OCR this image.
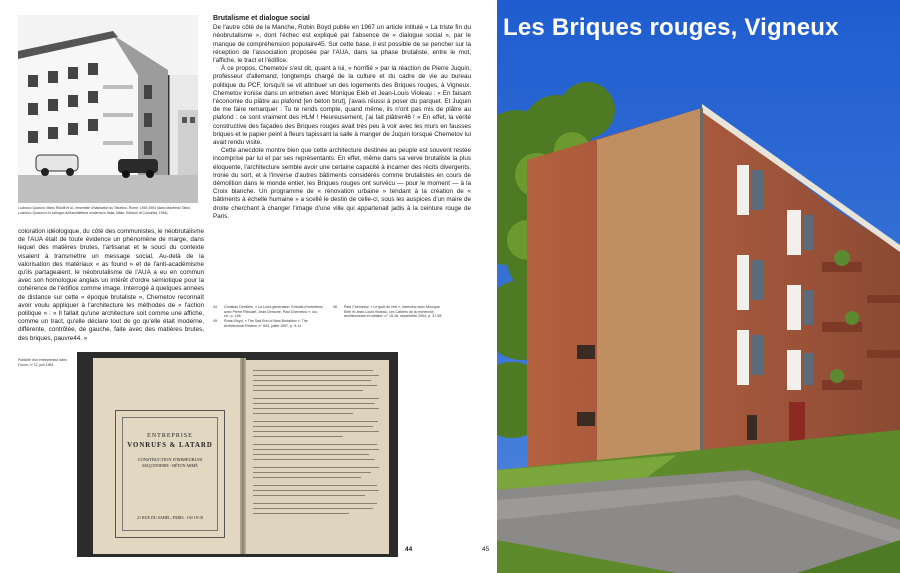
Ludovico Quaroni, Mario Ridolfi et al., ensemble d'habitation du Tiburtino, Rome, 1949-1954 (dans Manfredo Tafuri, Ludovico Quaroni e lo sviluppo dell'architettura moderna in Italia, Milan, Edizioni di Comunità, 1964).
Brutalisme et dialogue social

De l'autre côté de la Manche, Robin Boyd publie en 1967 un article intitulé « La triste fin du néobrutalisme », dont l'échec est expliqué par l'absence de « dialogue social », par le manque de compréhension populaire45. Sur cette base, il est possible de se pencher sur la réception de l'association proposée par l'AUA, dans sa phase brutaliste, entre le mot, l'affiche, le tract et l'édifice.

À ce propos, Chemetov s'est dit, quant à lui, « horrifié » par la réaction de Pierre Juquin, professeur d'allemand, longtemps chargé de la culture et du cadre de vie au bureau politique du PCF, lorsqu'il se vit attribuer un des logements des Briques rouges, à Vigneux. Chemetov ironise dans un entretien avec Monique Eleb et Jean-Louis Violeau : « En faisant l'économie du plâtre au plafond [en béton brut], j'avais réussi à poser du parquet. Et Juquin de me faire remarquer : Tu te rends compte, quand même, ils n'ont pas mis de plâtre au plafond : ce sont vraiment des HLM ! Heureusement, j'ai fait plâtrer46 ! » En effet, la vérité constructive des façades des Briques rouges avait très peu à voir avec les murs en fausses briques et le papier peint à fleurs tapissant la salle à manger de Juquin lorsque Chemetov lui avait rendu visite.

Cette anecdote montre bien que cette architecture destinée au peuple est souvent restée incomprise par lui et par ses représentants. En effet, même dans sa verve brutaliste la plus éloquente, l'architecture semble avoir une certaine capacité à incarner des récits divergents. Ironie du sort, et à l'inverse d'autres bâtiments considérés comme brutalistes en cours de démolition dans le monde entier, les Briques rouges ont survécu — pour le moment — à la Croix blanche. Un programme de « rénovation urbaine » tendant à la création de « bâtiments à échelle humaine » a scellé le destin de celle-ci, sous les auspices d'un maire de droite cherchant à changer l'image d'une ville qui appartenait jadis à la ceinture rouge de Paris.

coloration idéologique, du côté des communistes, le néobrutalisme de l'AUA était de toute évidence un phénomène de marge, dans lequel des matières brutes, l'artisanat et le souci du contexte visaient à transmettre un message social. Au-delà de la valorisation des matériaux « as found » et de l'anti-académisme qu'ils partageaient, le néobrutalisme de l'AUA a eu en commun avec son homologue anglais un intérêt d'ordre sémiotique pour la cohérence de l'édifice comme image. Interrogé à quelques années de distance sur cette « époque brutaliste », Chemetov reconnaît avoir voulu appliquer à l'architecture les méthodes de « l'action politique » : « Il fallait qu'une architecture soit comme une affiche, comme un tract, qu'elle déclare tout de go qu'elle était moderne, différente, contrôlée, de gauche, faite avec des matières brutes, des briques, pauvre44. »
44	Christian Devillers, « La Lod's generation. Extraits d'entretiens avec Pierre Riboulet, Jean Deroche, Paul Chemetov », loc. cit., p. 146.
45	Robin Boyd, « The Sad End of New Brutalism », The Architectural Review, n° 843, juillet 1967, p. 9-11.
46	Paul Chemetov, « Le goût du réel », interview avec Monique Eleb et Jean-Louis Violeau, Les Cahiers de la recherche architecturale et urbaine, n° 15-16, septembre 2004, p. 37-58.
Publicité d'un entrepreneur dans Forum, n° 12, juin 1964.
ENTREPRISE
VONRUFS & LATARD
CONSTRUCTION D'IMMEUBLES
MAÇONNERIE - BÉTON ARMÉ
21 RUE DU SAHEL, PARIS · JAI 18-18
44	45
Les Briques rouges, Vigneux
